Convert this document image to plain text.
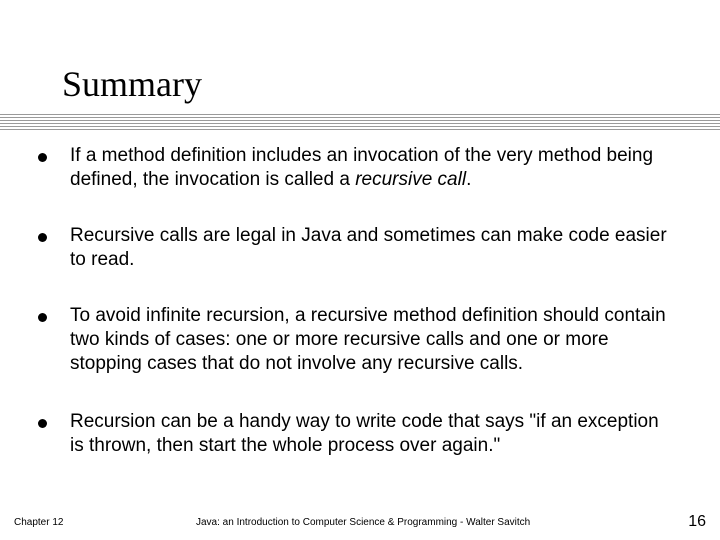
Summary
If a method definition includes an invocation of the very method being defined, the invocation is called a recursive call.
Recursive calls are legal in Java and sometimes can make code easier to read.
To avoid infinite recursion, a recursive method definition should contain two kinds of cases: one or more recursive calls and one or more stopping cases that do not involve any recursive calls.
Recursion can be a handy way to write code that says "if an exception is thrown, then start the whole process over again."
Chapter 12	Java: an Introduction to Computer Science & Programming - Walter Savitch	16
